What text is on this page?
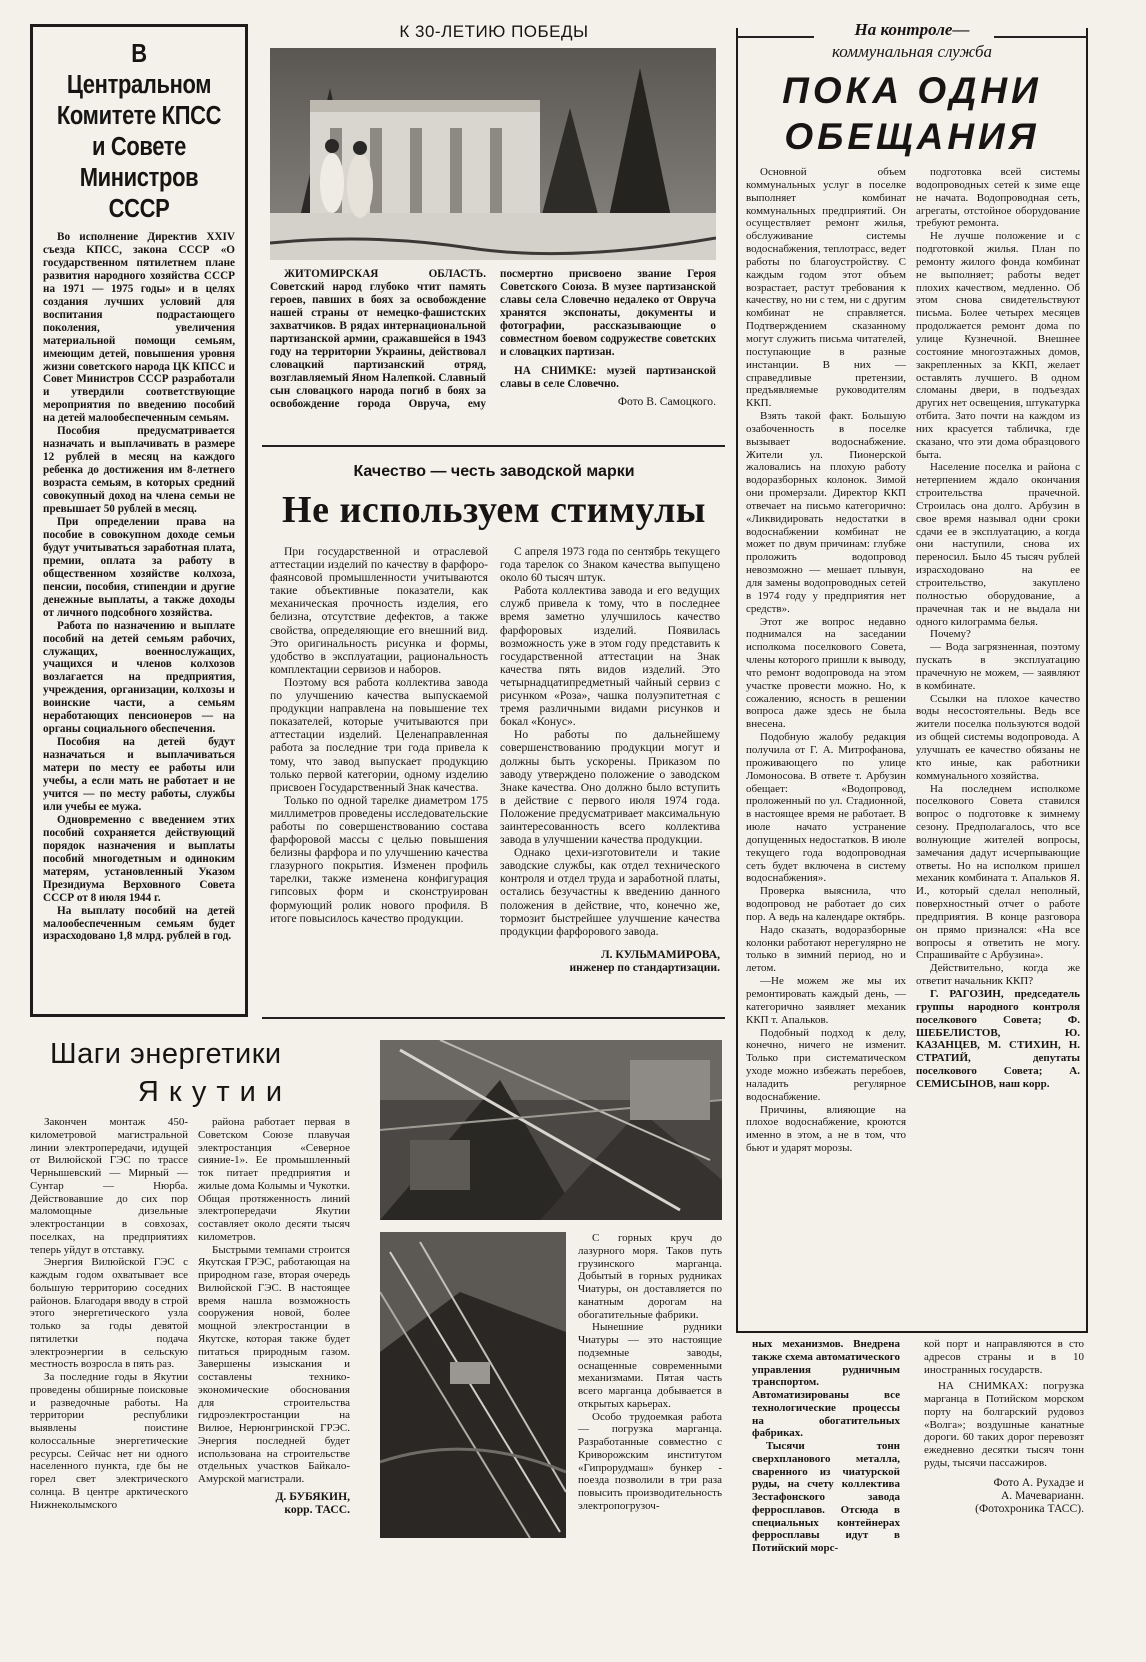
В Центральном
Комитете КПСС
и Совете
Министров
СССР

Во исполнение Директив XXIV съезда КПСС, закона СССР «О государственном пятилетнем плане развития народного хозяйства СССР на 1971 — 1975 годы» и в целях создания лучших условий для воспитания подрастающего поколения, увеличения материальной помощи семьям, имеющим детей, повышения уровня жизни советского народа ЦК КПСС и Совет Министров СССР разработали и утвердили соответствующие мероприятия по введению пособий на детей малообеспеченным семьям.

Пособия предусматривается назначать и выплачивать в размере 12 рублей в месяц на каждого ребенка до достижения им 8-летнего возраста семьям, в которых средний совокупный доход на члена семьи не превышает 50 рублей в месяц.

При определении права на пособие в совокупном доходе семьи будут учитываться заработная плата, премии, оплата за работу в общественном хозяйстве колхоза, пенсии, пособия, стипендии и другие денежные выплаты, а также доходы от личного подсобного хозяйства.

Работа по назначению и выплате пособий на детей семьям рабочих, служащих, военнослужащих, учащихся и членов колхозов возлагается на предприятия, учреждения, организации, колхозы и воинские части, а семьям неработающих пенсионеров — на органы социального обеспечения.

Пособия на детей будут назначаться и выплачиваться матери по месту ее работы или учебы, а если мать не работает и не учится — по месту работы, службы или учебы ее мужа.

Одновременно с введением этих пособий сохраняется действующий порядок назначения и выплаты пособий многодетным и одиноким матерям, установленный Указом Президиума Верховного Совета СССР от 8 июля 1944 г.

На выплату пособий на детей малообеспеченным семьям будет израсходовано 1,8 млрд. рублей в год.

К 30-ЛЕТИЮ ПОБЕДЫ

ЖИТОМИРСКАЯ ОБЛАСТЬ. Советский народ глубоко чтит память героев, павших в боях за освобождение нашей страны от немецко-фашистских захватчиков. В рядах интернациональной партизанской армии, сражавшейся в 1943 году на территории Украины, действовал словацкий партизанский отряд, возглавляемый Яном Налепкой. Славный сын словацкого народа погиб в боях за освобождение города Овруча, ему посмертно присвоено звание Героя Советского Союза. В музее партизанской славы села Словечно недалеко от Овруча хранятся экспонаты, документы и фотографии, рассказывающие о совместном боевом содружестве советских и словацких партизан.

НА СНИМКЕ: музей партизанской славы в селе Словечно.

Фото В. Самоцкого.
Качество — честь заводской марки
Не используем стимулы

При государственной и отраслевой аттестации изделий по качеству в фарфоро-фаянсовой промышленности учитываются такие объективные показатели, как механическая прочность изделия, его белизна, отсутствие дефектов, а также свойства, определяющие его внешний вид. Это оригинальность рисунка и формы, удобство в эксплуатации, рациональность комплектации сервизов и наборов.

Поэтому вся работа коллектива завода по улучшению качества выпускаемой продукции направлена на повышение тех показателей, которые учитываются при аттестации изделий. Целенаправленная работа за последние три года привела к тому, что завод выпускает продукцию только первой категории, одному изделию присвоен Государственный Знак качества.

Только по одной тарелке диаметром 175 миллиметров проведены исследовательские работы по совершенствованию состава фарфоровой массы с целью повышения белизны фарфора и по улучшению качества глазурного покрытия. Изменен профиль тарелки, также изменена конфигурация гипсовых форм и сконструирован формующий ролик нового профиля. В итоге повысилось качество продукции.

С апреля 1973 года по сентябрь текущего года тарелок со Знаком качества выпущено около 60 тысяч штук.

Работа коллектива завода и его ведущих служб привела к тому, что в последнее время заметно улучшилось качество фарфоровых изделий. Появилась возможность уже в этом году представить к государственной аттестации на Знак качества пять видов изделий. Это четырнадцатипредметный чайный сервиз с рисунком «Роза», чашка полуэпитетная с тремя различными видами рисунков и бокал «Конус».

Но работы по дальнейшему совершенствованию продукции могут и должны быть ускорены. Приказом по заводу утверждено положение о заводском Знаке качества. Оно должно было вступить в действие с первого июля 1974 года. Положение предусматривает максимальную заинтересованность всего коллектива завода в улучшении качества продукции.

Однако цехи-изготовители и такие заводские службы, как отдел технического контроля и отдел труда и заработной платы, остались безучастны к введению данного положения в действие, что, конечно же, тормозит быстрейшее улучшение качества продукции фарфорового завода.

Л. КУЛЬМАМИРОВА,
инженер по стандартизации.
На контроле—
коммунальная служба
ПОКА ОДНИ
ОБЕЩАНИЯ

Основной объем коммунальных услуг в поселке выполняет комбинат коммунальных предприятий. Он осуществляет ремонт жилья, обслуживание системы водоснабжения, теплотрасс, ведет работы по благоустройству. С каждым годом этот объем возрастает, растут требования к качеству, но ни с тем, ни с другим комбинат не справляется. Подтверждением сказанному могут служить письма читателей, поступающие в разные инстанции. В них — справедливые претензии, предъявляемые руководителям ККП.

Взять такой факт. Большую озабоченность в поселке вызывает водоснабжение. Жители ул. Пионерской жаловались на плохую работу водоразборных колонок. Зимой они промерзали. Директор ККП отвечает на письмо категорично: «Ликвидировать недостатки в водоснабжении комбинат не может по двум причинам: глубже проложить водопровод невозможно — мешает плывун, для замены водопроводных сетей в 1974 году у предприятия нет средств».

Этот же вопрос недавно поднимался на заседании исполкома поселкового Совета, члены которого пришли к выводу, что ремонт водопровода на этом участке провести можно. Но, к сожалению, ясность в решении вопроса даже здесь не была внесена.

Подобную жалобу редакция получила от Г. А. Митрофанова, проживающего по улице Ломоносова. В ответе т. Арбузин обещает: «Водопровод, проложенный по ул. Стадионной, в настоящее время не работает. В июле начато устранение допущенных недостатков. В июле текущего года водопроводная сеть будет включена в систему водоснабжения».

Проверка выяснила, что водопровод не работает до сих пор. А ведь на календаре октябрь.

Надо сказать, водоразборные колонки работают нерегулярно не только в зимний период, но и летом.

—Не можем же мы их ремонтировать каждый день, — категорично заявляет механик ККП т. Апальков.

Подобный подход к делу, конечно, ничего не изменит. Только при систематическом уходе можно избежать перебоев, наладить регулярное водоснабжение.

Причины, влияющие на плохое водоснабжение, кроются именно в этом, а не в том, что бьют и ударят морозы.

подготовка всей системы водопроводных сетей к зиме еще не начата. Водопроводная сеть, агрегаты, отстойное оборудование требуют ремонта.

Не лучше положение и с подготовкой жилья. План по ремонту жилого фонда комбинат не выполняет; работы ведет плохих качеством, медленно. Об этом снова свидетельствуют письма. Более четырех месяцев продолжается ремонт дома по улице Кузнечной. Внешнее состояние многоэтажных домов, закрепленных за ККП, желает оставлять лучшего. В одном сломаны двери, в подъездах других нет освещения, штукатурка отбита. Зато почти на каждом из них красуется табличка, где сказано, что эти дома образцового быта.

Население поселка и района с нетерпением ждало окончания строительства прачечной. Строилась она долго. Арбузин в свое время называл одни сроки сдачи ее в эксплуатацию, а когда они наступили, снова их переносил. Было 45 тысяч рублей израсходовано на ее строительство, закуплено полностью оборудование, а прачечная так и не выдала ни одного килограмма белья.

Почему?

— Вода загрязненная, поэтому пускать в эксплуатацию прачечную не можем, — заявляют в комбинате.

Ссылки на плохое качество воды несостоятельны. Ведь все жители поселка пользуются водой из общей системы водопровода. А улучшать ее качество обязаны не кто иные, как работники коммунального хозяйства.

На последнем исполкоме поселкового Совета ставился вопрос о подготовке к зимнему сезону. Предполагалось, что все волнующие жителей вопросы, замечания дадут исчерпывающие ответы. Но на исполком пришел механик комбината т. Апальков Я. И., который сделал неполный, поверхностный отчет о работе предприятия. В конце разговора он прямо признался: «На все вопросы я ответить не могу. Спрашивайте с Арбузина».

Действительно, когда же ответит начальник ККП?

Г. РАГОЗИН, председатель группы народного контроля поселкового Совета; Ф. ШЕБЕЛИСТОВ, Ю. КАЗАНЦЕВ, М. СТИХИН, Н. СТРАТИЙ, депутаты поселкового Совета; А. СЕМИСЫНОВ, наш корр.

Шаги энергетики
Якутии

Закончен монтаж 450-километровой магистральной линии электропередачи, идущей от Вилюйской ГЭС по трассе Чернышевский — Мирный — Сунтар — Нюрба. Действовавшие до сих пор маломощные дизельные электростанции в совхозах, поселках, на предприятиях теперь уйдут в отставку.

Энергия Вилюйской ГЭС с каждым годом охватывает все большую территорию соседних районов. Благодаря вводу в строй этого энергетического узла только за годы девятой пятилетки подача электроэнергии в сельскую местность возросла в пять раз.

За последние годы в Якутии проведены обширные поисковые и разведочные работы. На территории республики выявлены поистине колоссальные энергетические ресурсы. Сейчас нет ни одного населенного пункта, где бы не горел свет электрического солнца. В центре арктического Нижнеколымского

района работает первая в Советском Союзе плавучая электростанция «Северное сияние-1». Ее промышленный ток питает предприятия и жилые дома Колымы и Чукотки. Общая протяженность линий электропередачи Якутии составляет около десяти тысяч километров.

Быстрыми темпами строится Якутская ГРЭС, работающая на природном газе, вторая очередь Вилюйской ГЭС. В настоящее время нашла возможность сооружения новой, более мощной электростанции в Якутске, которая также будет питаться природным газом. Завершены изыскания и составлены технико-экономические обоснования для строительства гидроэлектростанции на Вилюе, Нерюнгринской ГРЭС. Энергия последней будет использована на строительстве отдельных участков Байкало-Амурской магистрали.

Д. БУБЯКИН,
корр. ТАСС.

С горных круч до лазурного моря. Таков путь грузинского марганца. Добытый в горных рудниках Чиатуры, он доставляется по канатным дорогам на обогатительные фабрики.

Нынешние рудники Чиатуры — это настоящие подземные заводы, оснащенные современными механизмами. Пятая часть всего марганца добывается в открытых карьерах.

Особо трудоемкая работа — погрузка марганца. Разработанные совместно с Криворожским институтом «Гипрорудмаш» бункер - поезда позволили в три раза повысить производительность электропогрузоч-

ных механизмов. Внедрена также схема автоматического управления рудничным транспортом. Автоматизированы все технологические процессы на обогатительных фабриках.

Тысячи тонн сверхпланового металла, сваренного из чиатурской руды, на счету коллектива Зестафонского завода ферросплавов. Отсюда в специальных контейнерах ферросплавы идут в Потийский морс-

кой порт и направляются в сто адресов страны и в 10 иностранных государств.

НА СНИМКАХ: погрузка марганца в Потийском морском порту на болгарский рудовоз «Волга»; воздушные канатные дороги. 60 таких дорог перевозят ежедневно десятки тысяч тонн руды, тысячи пассажиров.

Фото А. Рухадзе и
А. Мачеварианн.
(Фотохроника ТАСС).
